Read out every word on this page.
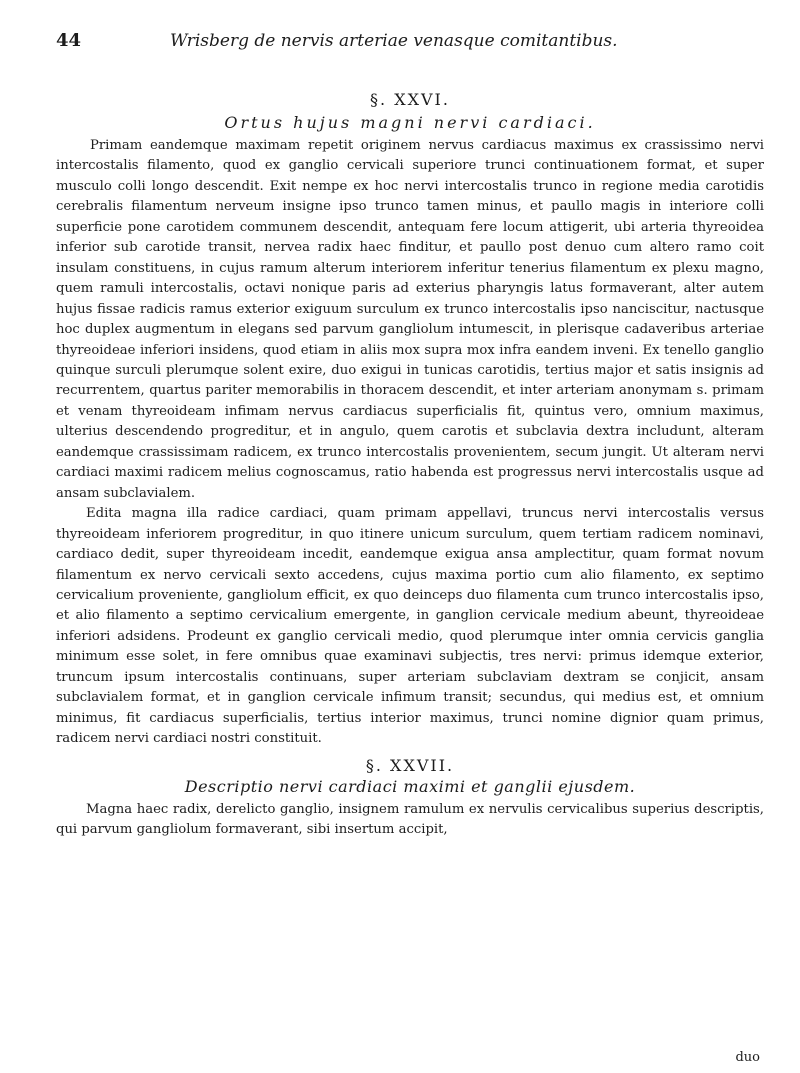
44	Wrisberg de nervis arteriae venasque comitantibus.
§. XXVI.
Ortus hujus magni nervi cardiaci.

Primam eandemque maximam repetit originem nervus cardiacus maximus ex crassissimo nervi intercostalis filamento, quod ex ganglio cervicali superiore trunci continuationem format, et super musculo colli longo descendit. Exit nempe ex hoc nervi intercostalis trunco in regione media carotidis cerebralis filamentum nerveum insigne ipso trunco tamen minus, et paullo magis in interiore colli superficie pone carotidem communem descendit, antequam fere locum attigerit, ubi arteria thyreoidea inferior sub carotide transit, nervea radix haec finditur, et paullo post denuo cum altero ramo coit insulam constituens, in cujus ramum alterum interiorem inferitur tenerius filamentum ex plexu magno, quem ramuli intercostalis, octavi nonique paris ad exterius pharyngis latus formaverant, alter autem hujus fissae radicis ramus exterior exiguum surculum ex trunco intercostalis ipso nanciscitur, nactusque hoc duplex augmentum in elegans sed parvum gangliolum intumescit, in plerisque cadaveribus arteriae thyreoideae inferiori insidens, quod etiam in aliis mox supra mox infra eandem inveni. Ex tenello ganglio quinque surculi plerumque solent exire, duo exigui in tunicas carotidis, tertius major et satis insignis ad recurrentem, quartus pariter memorabilis in thoracem descendit, et inter arteriam anonymam s. primam et venam thyreoideam infimam nervus cardiacus superficialis fit, quintus vero, omnium maximus, ulterius descendendo progreditur, et in angulo, quem carotis et subclavia dextra includunt, alteram eandemque crassissimam radicem, ex trunco intercostalis provenientem, secum jungit. Ut alteram nervi cardiaci maximi radicem melius cognoscamus, ratio habenda est progressus nervi intercostalis usque ad ansam subclavialem.

Edita magna illa radice cardiaci, quam primam appellavi, truncus nervi intercostalis versus thyreoideam inferiorem progreditur, in quo itinere unicum surculum, quem tertiam radicem nominavi, cardiaco dedit, super thyreoideam incedit, eandemque exigua ansa amplectitur, quam format novum filamentum ex nervo cervicali sexto accedens, cujus maxima portio cum alio filamento, ex septimo cervicalium proveniente, gangliolum efficit, ex quo deinceps duo filamenta cum trunco intercostalis ipso, et alio filamento a septimo cervicalium emergente, in ganglion cervicale medium abeunt, thyreoideae inferiori adsidens. Prodeunt ex ganglio cervicali medio, quod plerumque inter omnia cervicis ganglia minimum esse solet, in fere omnibus quae examinavi subjectis, tres nervi: primus idemque exterior, truncum ipsum intercostalis continuans, super arteriam subclaviam dextram se conjicit, ansam subclavialem format, et in ganglion cervicale infimum transit; secundus, qui medius est, et omnium minimus, fit cardiacus superficialis, tertius interior maximus, trunci nomine dignior quam primus, radicem nervi cardiaci nostri constituit.

§. XXVII.
Descriptio nervi cardiaci maximi et ganglii ejusdem.

Magna haec radix, derelicto ganglio, insignem ramulum ex nervulis cervicalibus superius descriptis, qui parvum gangliolum formaverant, sibi insertum accipit,

duo
